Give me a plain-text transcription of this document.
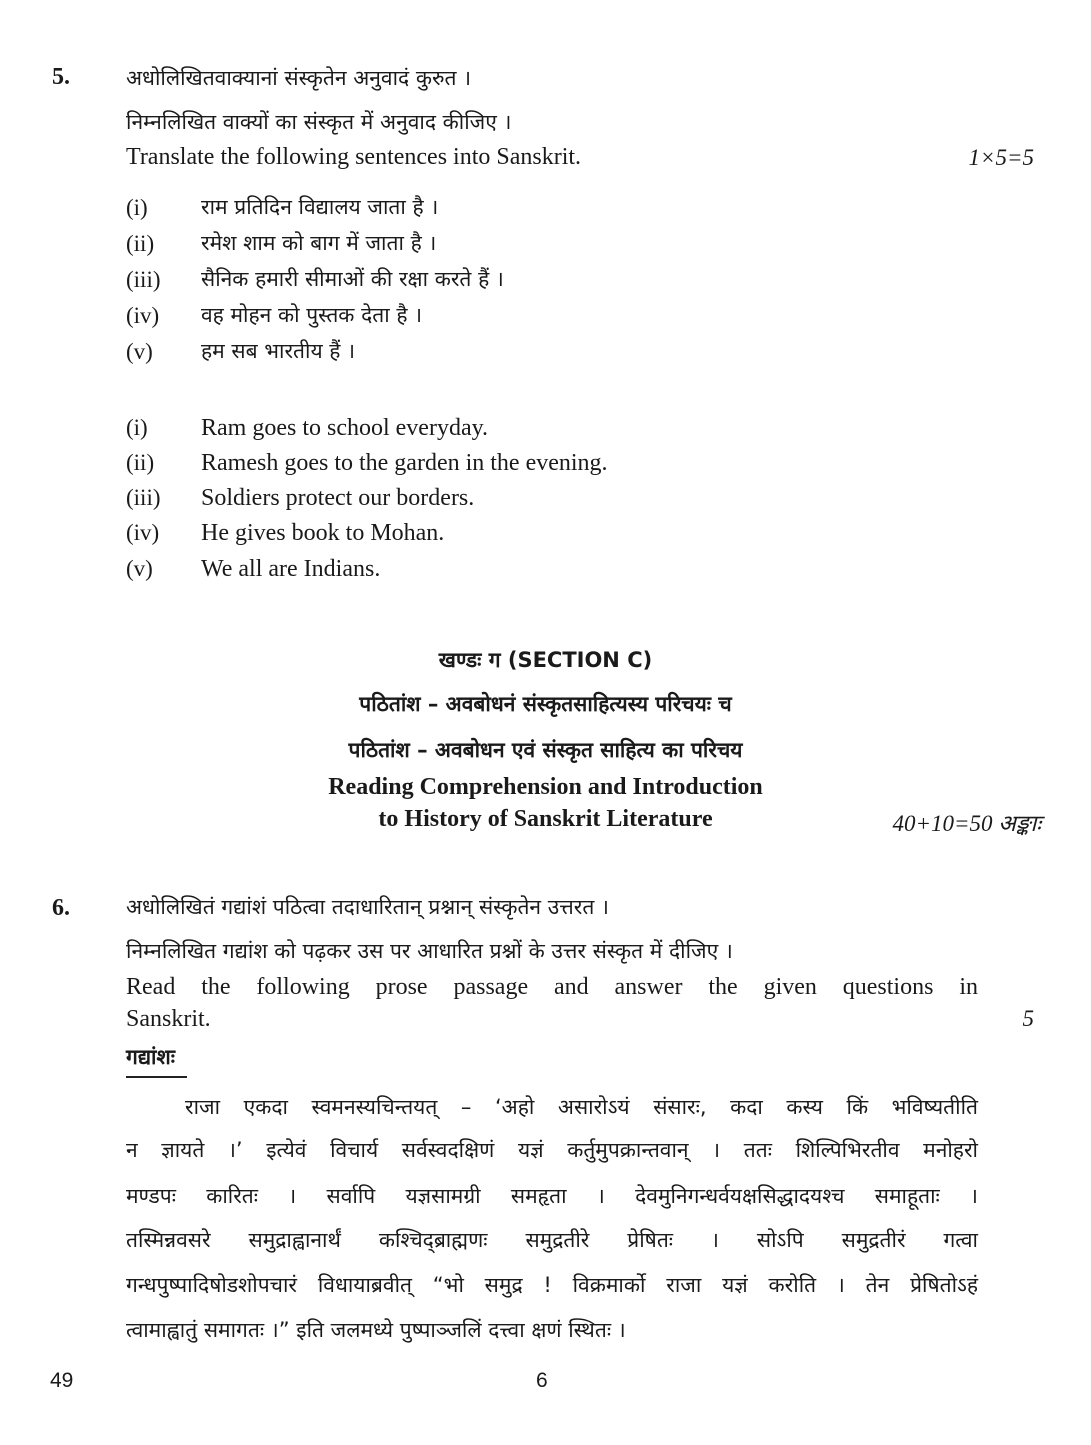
5.	अधोलिखितवाक्यानां संस्कृतेन अनुवादं कुरुत ।
निम्नलिखित वाक्यों का संस्कृत में अनुवाद कीजिए ।
Translate the following sentences into Sanskrit.	1×5=5
(i)	राम प्रतिदिन विद्यालय जाता है ।
(ii) रमेश शाम को बाग में जाता है ।
(iii) सैनिक हमारी सीमाओं की रक्षा करते हैं ।
(iv) वह मोहन को पुस्तक देता है ।
(v) हम सब भारतीय हैं ।
(i) Ram goes to school everyday.
(ii) Ramesh goes to the garden in the evening.
(iii) Soldiers protect our borders.
(iv) He gives book to Mohan.
(v) We all are Indians.
खण्डः ग (SECTION C)
पठितांश – अवबोधनं संस्कृतसाहित्यस्य परिचयः च
पठितांश – अवबोधन एवं संस्कृत साहित्य का परिचय
Reading Comprehension and Introduction
to History of Sanskrit Literature	40+10=50 अङ्काः
6.	अधोलिखितं गद्यांशं पठित्वा तदाधारितान् प्रश्नान् संस्कृतेन उत्तरत ।
निम्नलिखित गद्यांश को पढ़कर उस पर आधारित प्रश्नों के उत्तर संस्कृत में दीजिए ।
Read the following prose passage and answer the given questions in
Sanskrit.	5
गद्यांशः
राजा एकदा स्वमनस्यचिन्तयत् – ‘अहो असारोऽयं संसारः, कदा कस्य किं भविष्यतीति
न ज्ञायते ।’ इत्येवं विचार्य सर्वस्वदक्षिणं यज्ञं कर्तुमुपक्रान्तवान् । ततः शिल्पिभिरतीव मनोहरो
मण्डपः कारितः । सर्वापि यज्ञसामग्री समहृता । देवमुनिगन्धर्वयक्षसिद्धादयश्च समाहूताः ।
तस्मिन्नवसरे समुद्राह्वानार्थं कश्चिद्ब्राह्मणः समुद्रतीरे प्रेषितः । सोऽपि समुद्रतीरं गत्वा
गन्धपुष्पादिषोडशोपचारं विधायाब्रवीत् “भो समुद्र ! विक्रमार्को राजा यज्ञं करोति । तेन प्रेषितोऽहं
त्वामाह्वातुं समागतः ।” इति जलमध्ये पुष्पाञ्जलिं दत्त्वा क्षणं स्थितः ।
49	6
